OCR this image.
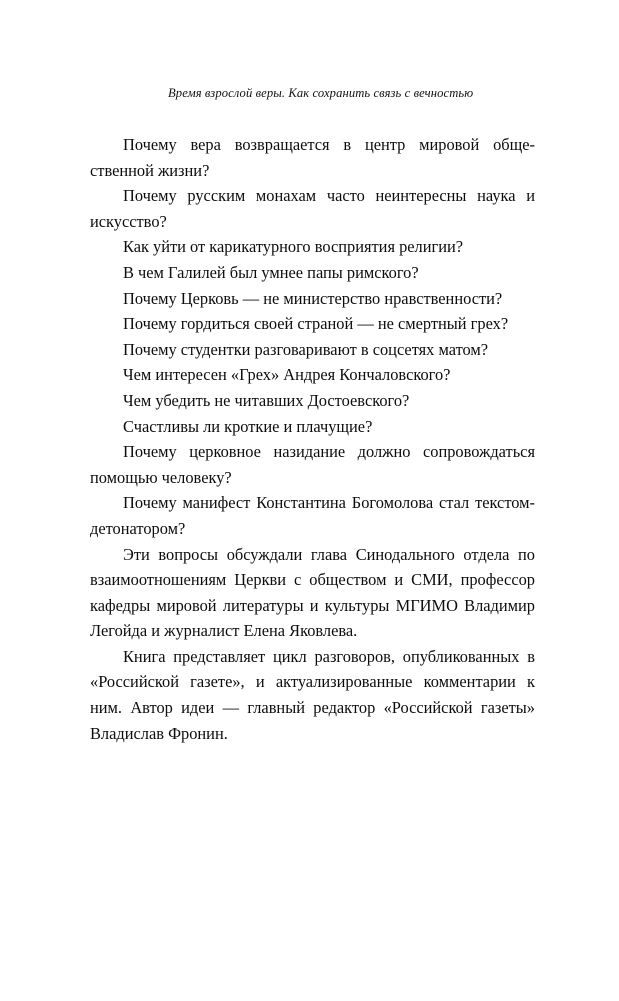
Время взрослой веры. Как сохранить связь с вечностью

Почему вера возвращается в центр мировой общественной жизни?

Почему русским монахам часто неинтересны наука и искусство?

Как уйти от карикатурного восприятия религии?

В чем Галилей был умнее папы римского?

Почему Церковь — не министерство нравственности?

Почему гордиться своей страной — не смертный грех?

Почему студентки разговаривают в соцсетях матом?

Чем интересен «Грех» Андрея Кончаловского?

Чем убедить не читавших Достоевского?

Счастливы ли кроткие и плачущие?

Почему церковное назидание должно сопровождаться помощью человеку?

Почему манифест Константина Богомолова стал текстом-детонатором?

Эти вопросы обсуждали глава Синодального отдела по взаимоотношениям Церкви с обществом и СМИ, профессор кафедры мировой литературы и культуры МГИМО Владимир Легойда и журналист Елена Яковлева.

Книга представляет цикл разговоров, опубликованных в «Российской газете», и актуализированные комментарии к ним. Автор идеи — главный редактор «Российской газеты» Владислав Фронин.
